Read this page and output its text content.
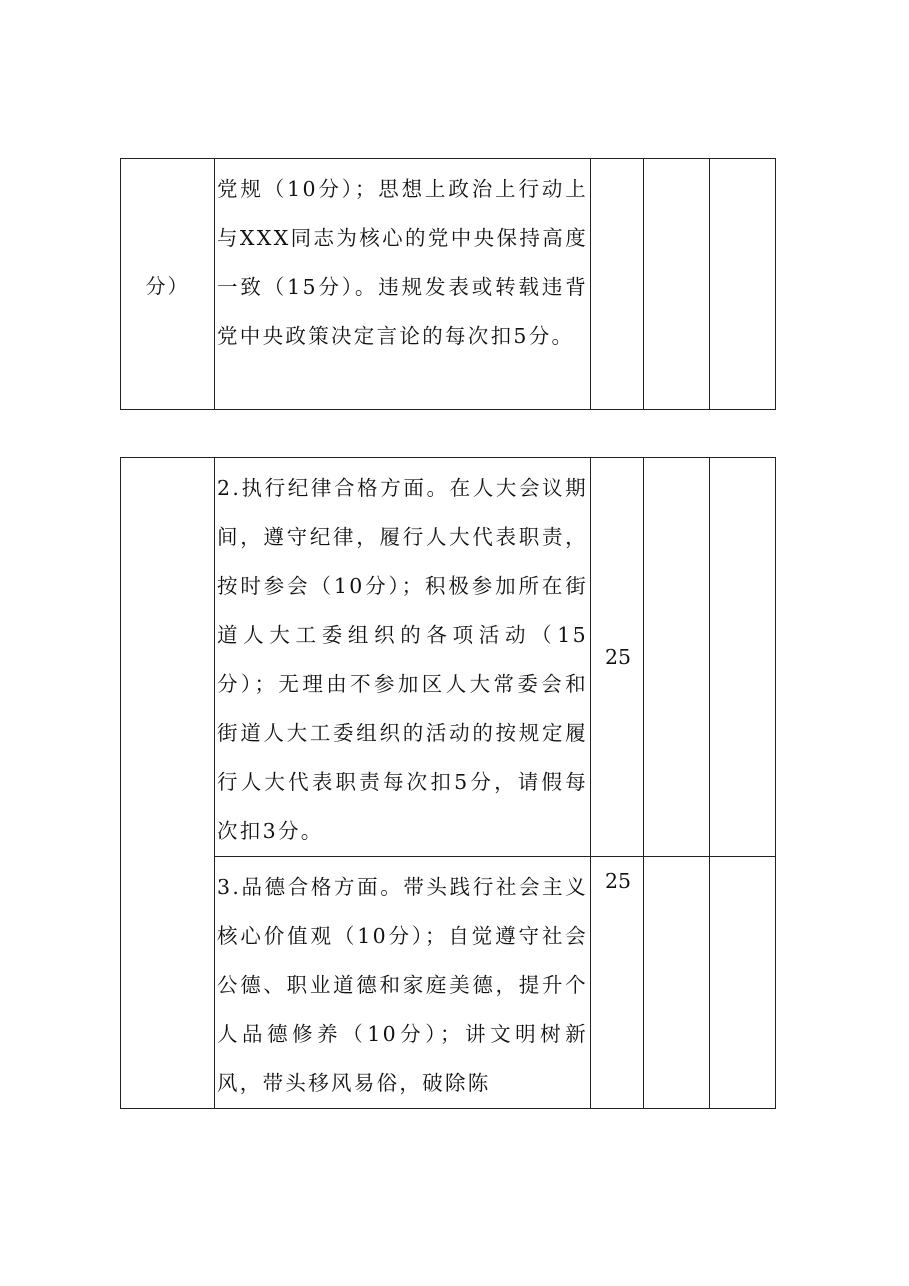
分）	党规（10分）；思想上政治上行动上与XXX同志为核心的党中央保持高度一致（15分）。违规发表或转载违背党中央政策决定言论的每次扣5分。			
	2.执行纪律合格方面。在人大会议期间，遵守纪律，履行人大代表职责，按时参会（10分）；积极参加所在街道人大工委组织的各项活动（15分）；无理由不参加区人大常委会和街道人大工委组织的活动的按规定履行人大代表职责每次扣5分，请假每次扣3分。	25		
	3.品德合格方面。带头践行社会主义核心价值观（10分）；自觉遵守社会公德、职业道德和家庭美德，提升个人品德修养（10分）；讲文明树新风，带头移风易俗，破除陈	25		
